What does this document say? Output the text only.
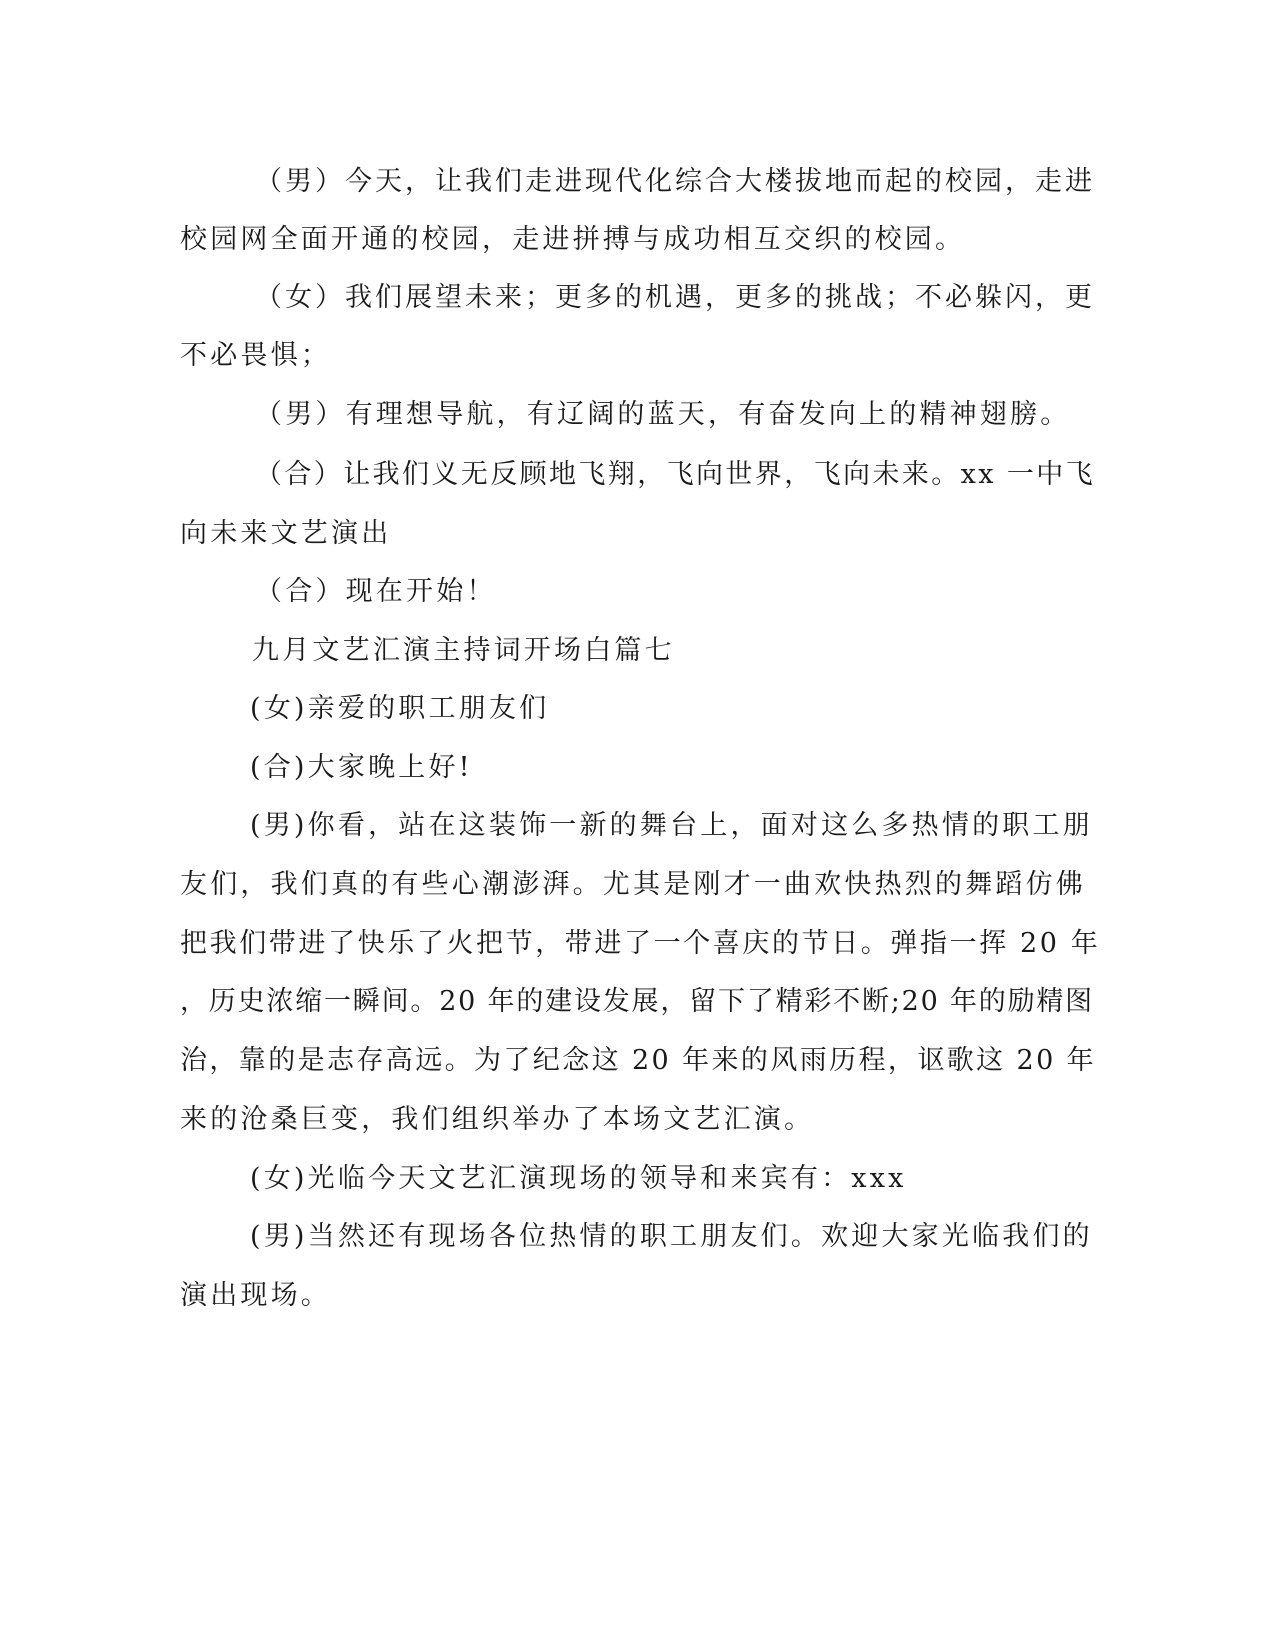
（男）今天，让我们走进现代化综合大楼拔地而起的校园，走进

校园网全面开通的校园，走进拼搏与成功相互交织的校园。

（女）我们展望未来；更多的机遇，更多的挑战；不必躲闪，更

不必畏惧；

（男）有理想导航，有辽阔的蓝天，有奋发向上的精神翅膀。

（合）让我们义无反顾地飞翔，飞向世界，飞向未来。xx 一中飞

向未来文艺演出

（合）现在开始！

九月文艺汇演主持词开场白篇七

(女)亲爱的职工朋友们

(合)大家晚上好!

(男)你看，站在这装饰一新的舞台上，面对这么多热情的职工朋

友们，我们真的有些心潮澎湃。尤其是刚才一曲欢快热烈的舞蹈仿佛

把我们带进了快乐了火把节，带进了一个喜庆的节日。弹指一挥 20 年

，历史浓缩一瞬间。20 年的建设发展，留下了精彩不断;20 年的励精图

治，靠的是志存高远。为了纪念这 20 年来的风雨历程，讴歌这 20 年

来的沧桑巨变，我们组织举办了本场文艺汇演。

(女)光临今天文艺汇演现场的领导和来宾有：xxx

(男)当然还有现场各位热情的职工朋友们。欢迎大家光临我们的

演出现场。
